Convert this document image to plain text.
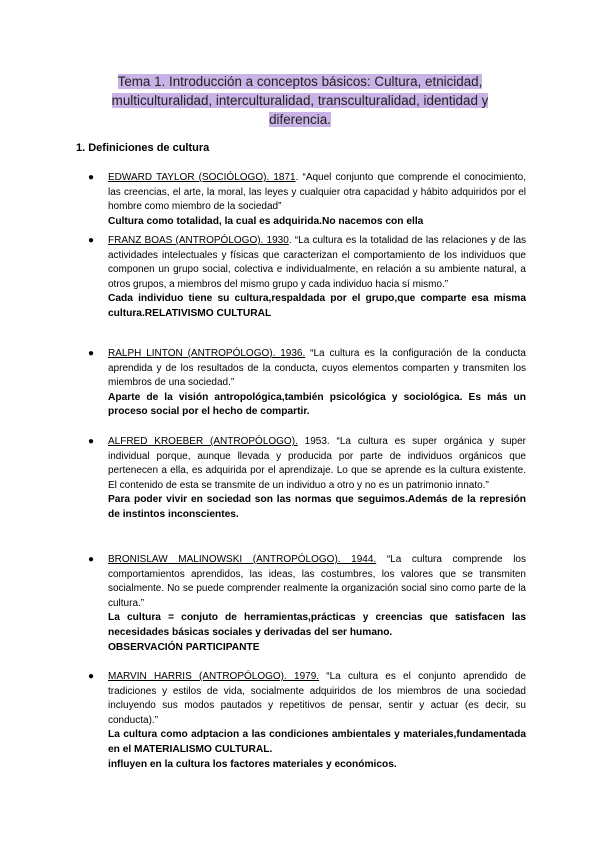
Tema 1. Introducción a conceptos básicos: Cultura, etnicidad, multiculturalidad, interculturalidad, transculturalidad, identidad y diferencia.
1. Definiciones de cultura
● EDWARD TAYLOR (SOCIÓLOGO). 1871. “Aquel conjunto que comprende el conocimiento, las creencias, el arte, la moral, las leyes y cualquier otra capacidad y hábito adquiridos por el hombre como miembro de la sociedad”

Cultura como totalidad, la cual es adquirida.No nacemos con ella

● FRANZ BOAS (ANTROPÓLOGO). 1930. “La cultura es la totalidad de las relaciones y de las actividades intelectuales y físicas que caracterizan el comportamiento de los individuos que componen un grupo social, colectiva e individualmente, en relación a su ambiente natural, a otros grupos, a miembros del mismo grupo y cada individuo hacia sí mismo.”

Cada individuo tiene su cultura,respaldada por el grupo,que comparte esa misma cultura.RELATIVISMO CULTURAL

● RALPH LINTON (ANTROPÓLOGO). 1936. “La cultura es la configuración de la conducta aprendida y de los resultados de la conducta, cuyos elementos comparten y transmiten los miembros de una sociedad.”

Aparte de la visión antropológica,también psicológica y sociológica. Es más un proceso social por el hecho de compartir.

● ALFRED KROEBER (ANTROPÓLOGO). 1953. “La cultura es super orgánica y super individual porque, aunque llevada y producida por parte de individuos orgánicos que pertenecen a ella, es adquirida por el aprendizaje. Lo que se aprende es la cultura existente. El contenido de esta se transmite de un individuo a otro y no es un patrimonio innato.”

Para poder vivir en sociedad son las normas que seguimos.Además de la represión de instintos inconscientes.

● BRONISLAW MALINOWSKI (ANTROPÓLOGO). 1944. “La cultura comprende los comportamientos aprendidos, las ideas, las costumbres, los valores que se transmiten socialmente. No se puede comprender realmente la organización social sino como parte de la cultura.”

La cultura = conjuto de herramientas,prácticas y creencias que satisfacen las necesidades básicas sociales y derivadas del ser humano.

OBSERVACIÓN PARTICIPANTE

● MARVIN HARRIS (ANTROPÓLOGO). 1979. “La cultura es el conjunto aprendido de tradiciones y estilos de vida, socialmente adquiridos de los miembros de una sociedad incluyendo sus modos pautados y repetitivos de pensar, sentir y actuar (es decir, su conducta).”

La cultura como adptacion a las condiciones ambientales y materiales,fundamentada en el MATERIALISMO CULTURAL.

influyen en la cultura los factores materiales y económicos.
